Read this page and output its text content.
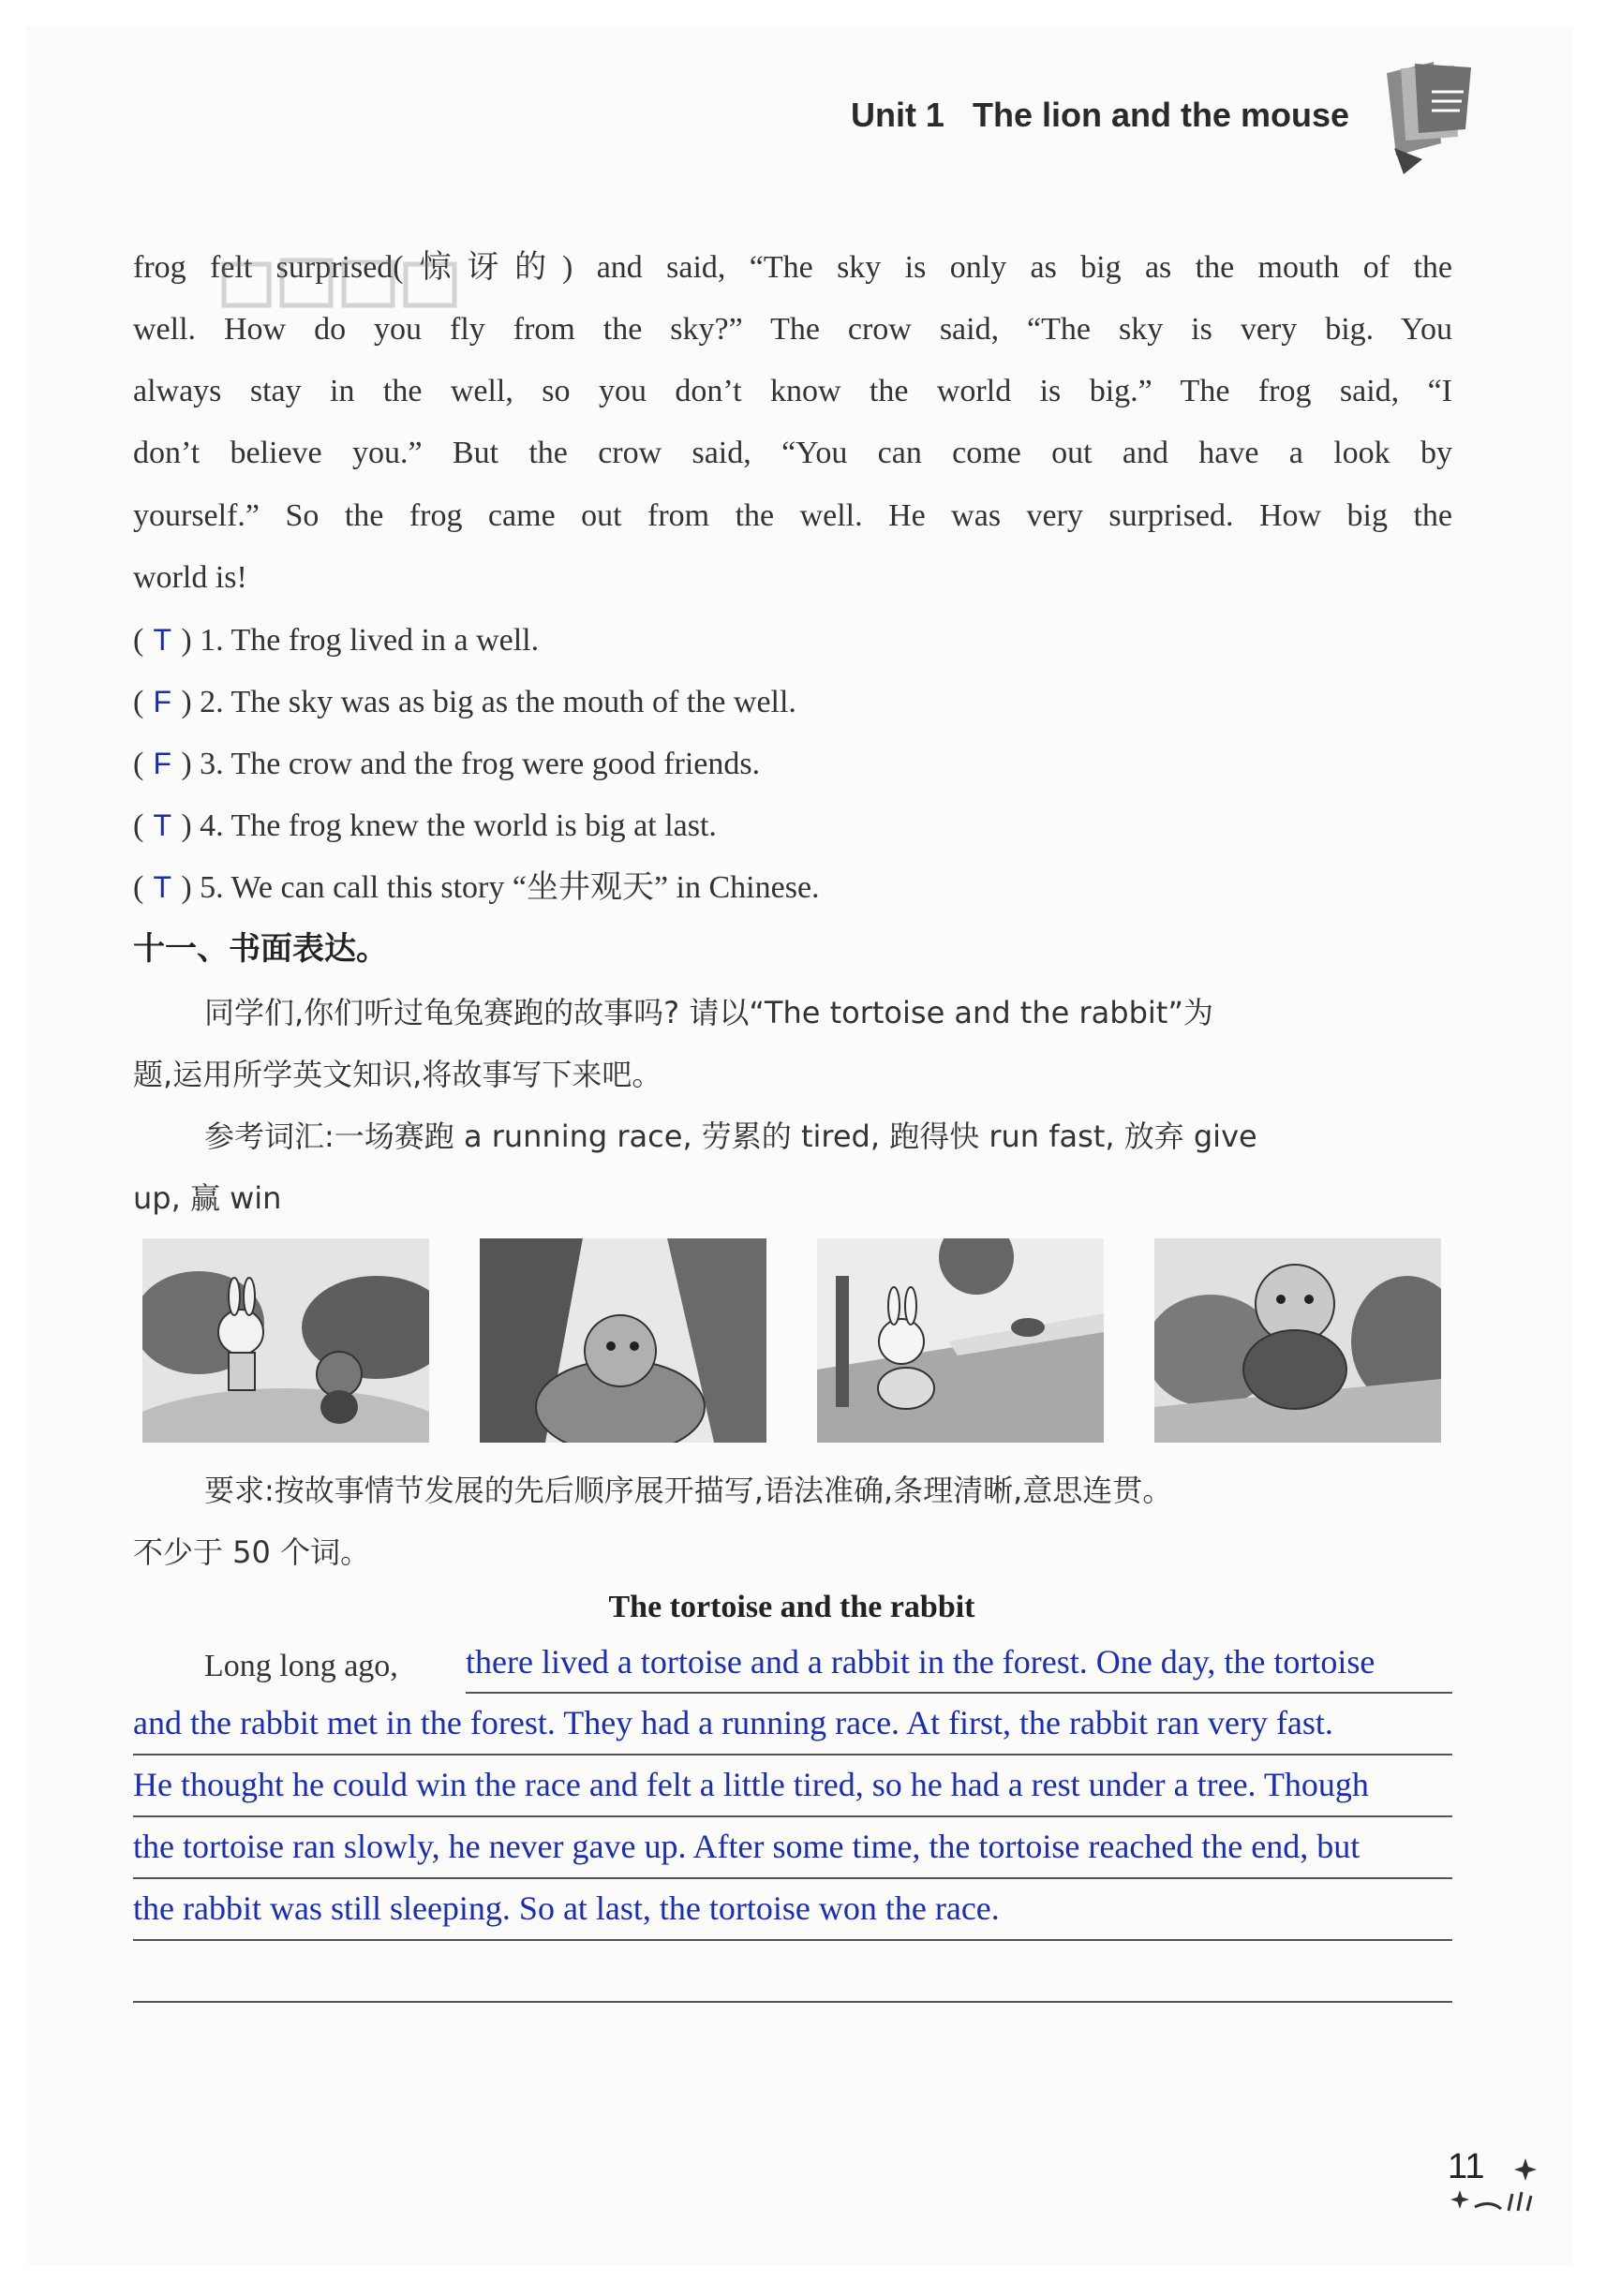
Unit 1   The lion and the mouse
frog felt surprised(惊讶的) and said, “The sky is only as big as the mouth of the
well. How do you fly from the sky?” The crow said, “The sky is very big. You
always stay in the well, so you don’t know the world is big.” The frog said, “I
don’t believe you.” But the crow said, “You can come out and have a look by
yourself.” So the frog came out from the well. He was very surprised. How big the
world is!
( T ) 1. The frog lived in a well.
( F ) 2. The sky was as big as the mouth of the well.
( F ) 3. The crow and the frog were good friends.
( T ) 4. The frog knew the world is big at last.
( T ) 5. We can call this story “坐井观天” in Chinese.
十一、书面表达。
同学们,你们听过龟兔赛跑的故事吗? 请以“The tortoise and the rabbit”为
题,运用所学英文知识,将故事写下来吧。
参考词汇:一场赛跑 a running race, 劳累的 tired, 跑得快 run fast, 放弃 give
up, 赢 win
要求:按故事情节发展的先后顺序展开描写,语法准确,条理清晰,意思连贯。
不少于 50 个词。
The tortoise and the rabbit
Long long ago, there lived a tortoise and a rabbit in the forest. One day, the tortoise
and the rabbit met in the forest. They had a running race. At first, the rabbit ran very fast.
He thought he could win the race and felt a little tired, so he had a rest under a tree. Though
the tortoise ran slowly, he never gave up. After some time, the tortoise reached the end, but
the rabbit was still sleeping. So at last, the tortoise won the race.
11
